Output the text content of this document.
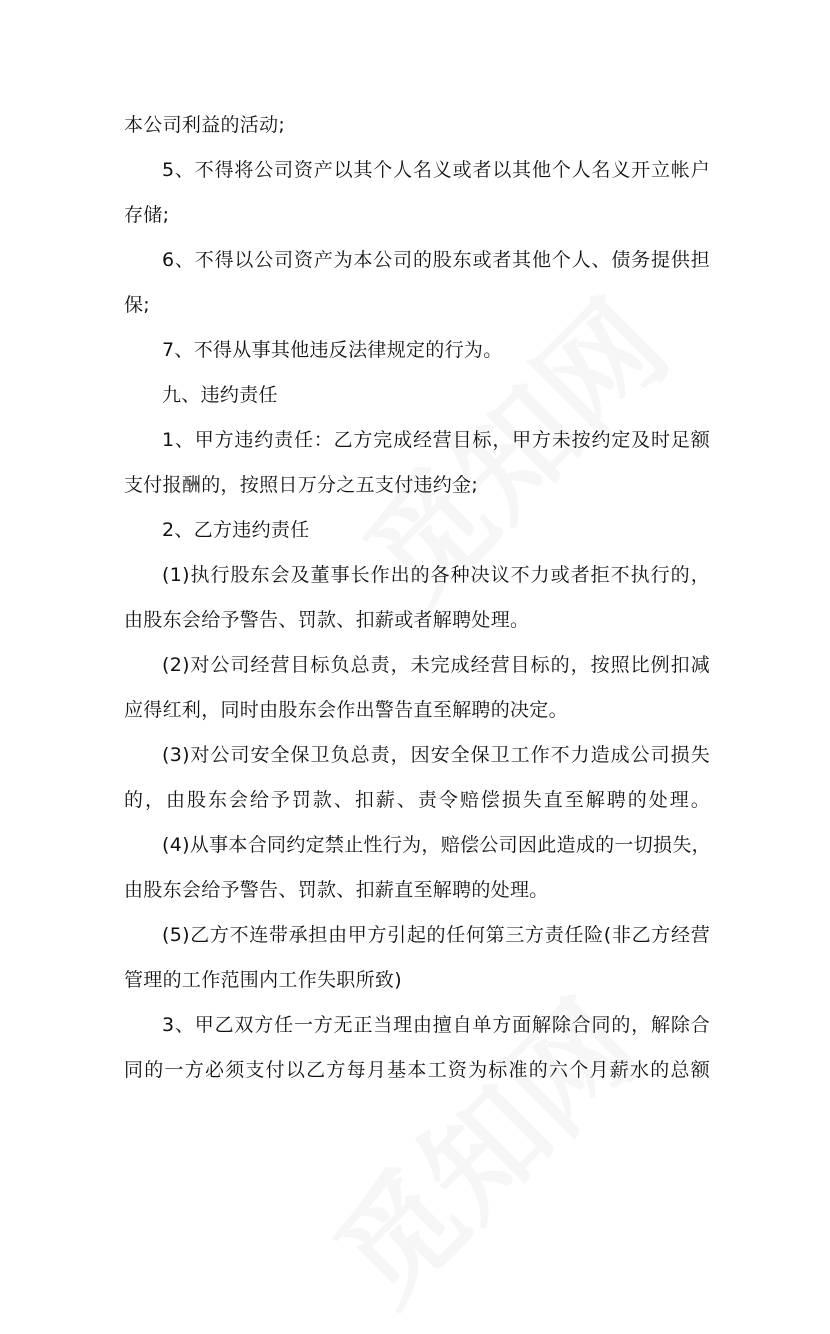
本公司利益的活动;
5、不得将公司资产以其个人名义或者以其他个人名义开立帐户
存储;
6、不得以公司资产为本公司的股东或者其他个人、债务提供担
保;
7、不得从事其他违反法律规定的行为。
九、违约责任
1、甲方违约责任：乙方完成经营目标，甲方未按约定及时足额
支付报酬的，按照日万分之五支付违约金;
2、乙方违约责任
(1)执行股东会及董事长作出的各种决议不力或者拒不执行的，
由股东会给予警告、罚款、扣薪或者解聘处理。
(2)对公司经营目标负总责，未完成经营目标的，按照比例扣减
应得红利，同时由股东会作出警告直至解聘的决定。
(3)对公司安全保卫负总责，因安全保卫工作不力造成公司损失
的，由股东会给予罚款、扣薪、责令赔偿损失直至解聘的处理。
(4)从事本合同约定禁止性行为，赔偿公司因此造成的一切损失，
由股东会给予警告、罚款、扣薪直至解聘的处理。
(5)乙方不连带承担由甲方引起的任何第三方责任险(非乙方经营
管理的工作范围内工作失职所致)
3、甲乙双方任一方无正当理由擅自单方面解除合同的，解除合
同的一方必须支付以乙方每月基本工资为标准的六个月薪水的总额
